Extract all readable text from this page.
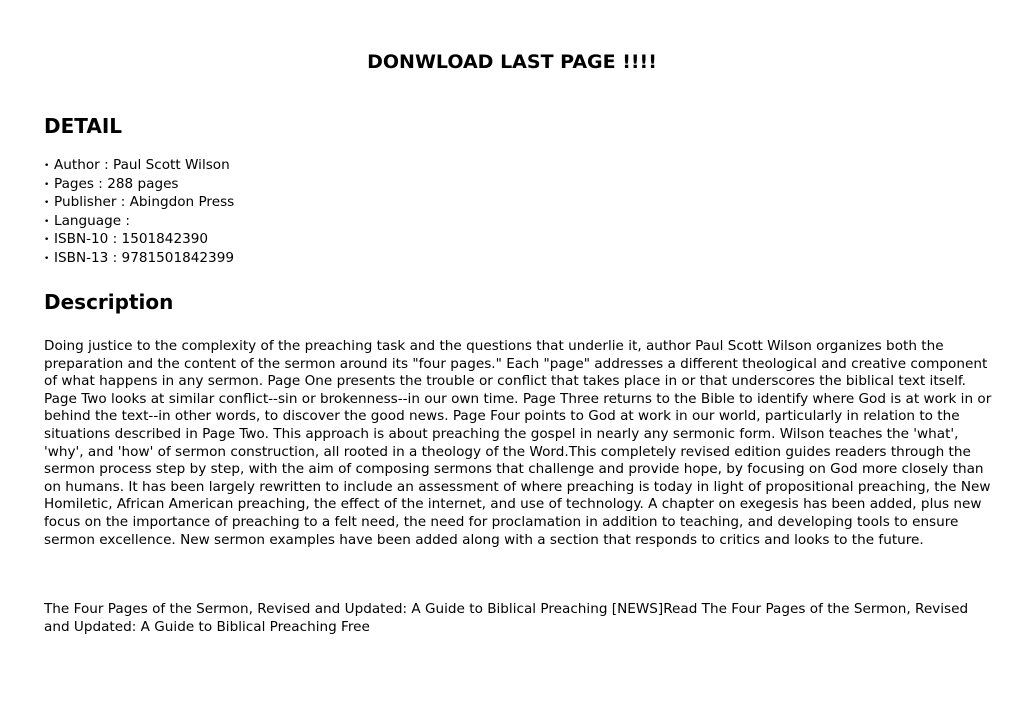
DONWLOAD LAST PAGE !!!!
DETAIL
• Author : Paul Scott Wilson
• Pages : 288 pages
• Publisher : Abingdon Press
• Language :
• ISBN-10 : 1501842390
• ISBN-13 : 9781501842399
Description

Doing justice to the complexity of the preaching task and the questions that underlie it, author Paul Scott Wilson organizes both the preparation and the content of the sermon around its "four pages." Each "page" addresses a different theological and creative component of what happens in any sermon. Page One presents the trouble or conflict that takes place in or that underscores the biblical text itself. Page Two looks at similar conflict--sin or brokenness--in our own time. Page Three returns to the Bible to identify where God is at work in or behind the text--in other words, to discover the good news. Page Four points to God at work in our world, particularly in relation to the situations described in Page Two. This approach is about preaching the gospel in nearly any sermonic form. Wilson teaches the 'what', 'why', and 'how' of sermon construction, all rooted in a theology of the Word.This completely revised edition guides readers through the sermon process step by step, with the aim of composing sermons that challenge and provide hope, by focusing on God more closely than on humans. It has been largely rewritten to include an assessment of where preaching is today in light of propositional preaching, the New Homiletic, African American preaching, the effect of the internet, and use of technology. A chapter on exegesis has been added, plus new focus on the importance of preaching to a felt need, the need for proclamation in addition to teaching, and developing tools to ensure sermon excellence. New sermon examples have been added along with a section that responds to critics and looks to the future.

The Four Pages of the Sermon, Revised and Updated: A Guide to Biblical Preaching [NEWS]Read The Four Pages of the Sermon, Revised and Updated: A Guide to Biblical Preaching Free
